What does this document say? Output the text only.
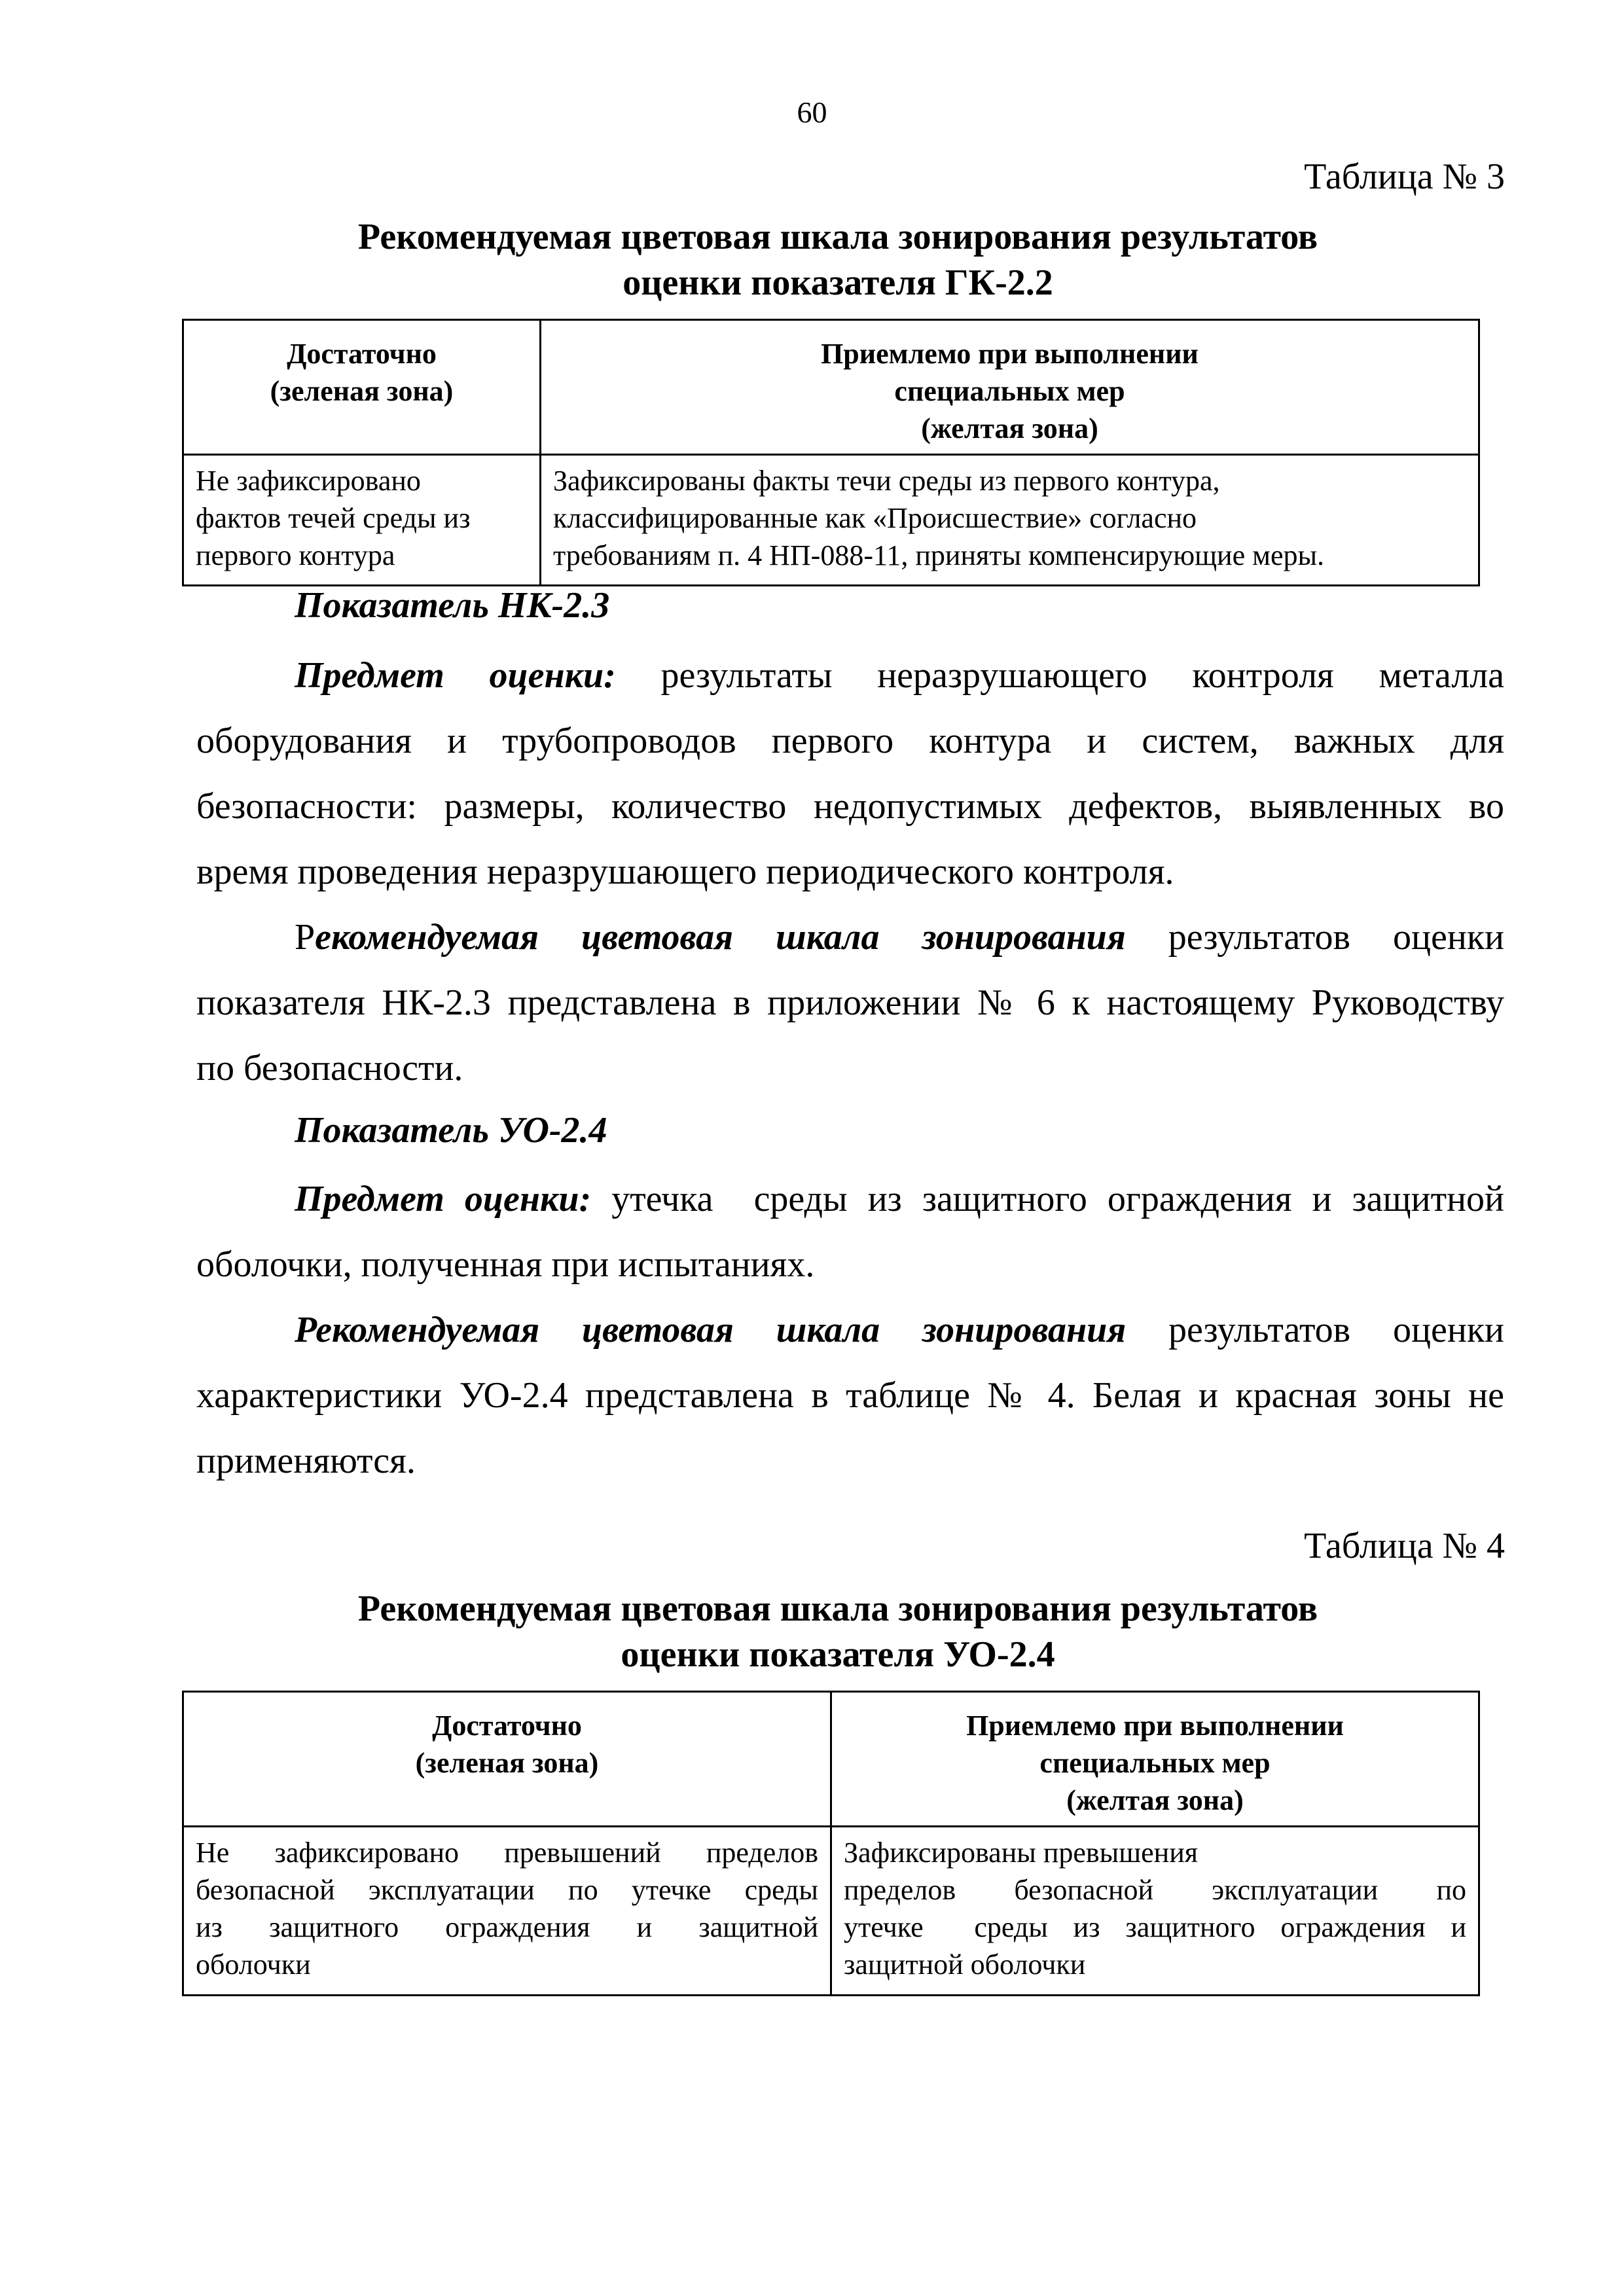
60
Таблица № 3
Рекомендуемая цветовая шкала зонирования результатов
оценки показателя ГК-2.2
Достаточно
(зеленая зона)	Приемлемо при выполнении
специальных мер
(желтая зона)

Не зафиксировано
фактов течей среды из
первого контура	Зафиксированы факты течи среды из первого контура,
классифицированные как «Происшествие» согласно
требованиям п. 4 НП-088-11, приняты компенсирующие меры.
Показатель НК-2.3
Предмет оценки: результаты неразрушающего контроля металла
оборудования и трубопроводов первого контура и систем, важных для
безопасности: размеры, количество недопустимых дефектов, выявленных во
время проведения неразрушающего периодического контроля.
Рекомендуемая цветовая шкала зонирования результатов оценки
показателя НК-2.3 представлена в приложении № 6 к настоящему Руководству
по безопасности.
Показатель УО-2.4
Предмет оценки: утечка  среды из защитного ограждения и защитной
оболочки, полученная при испытаниях.
Рекомендуемая цветовая шкала зонирования результатов оценки
характеристики УО-2.4 представлена в таблице № 4. Белая и красная зоны не
применяются.
Таблица № 4
Рекомендуемая цветовая шкала зонирования результатов
оценки показателя УО-2.4
Достаточно
(зеленая зона)	Приемлемо при выполнении
специальных мер
(желтая зона)

Не зафиксировано превышений пределов
безопасной эксплуатации по утечке среды
из защитного ограждения и защитной
оболочки	Зафиксированы превышения
пределов безопасной эксплуатации по
утечке  среды из защитного ограждения и
защитной оболочки
